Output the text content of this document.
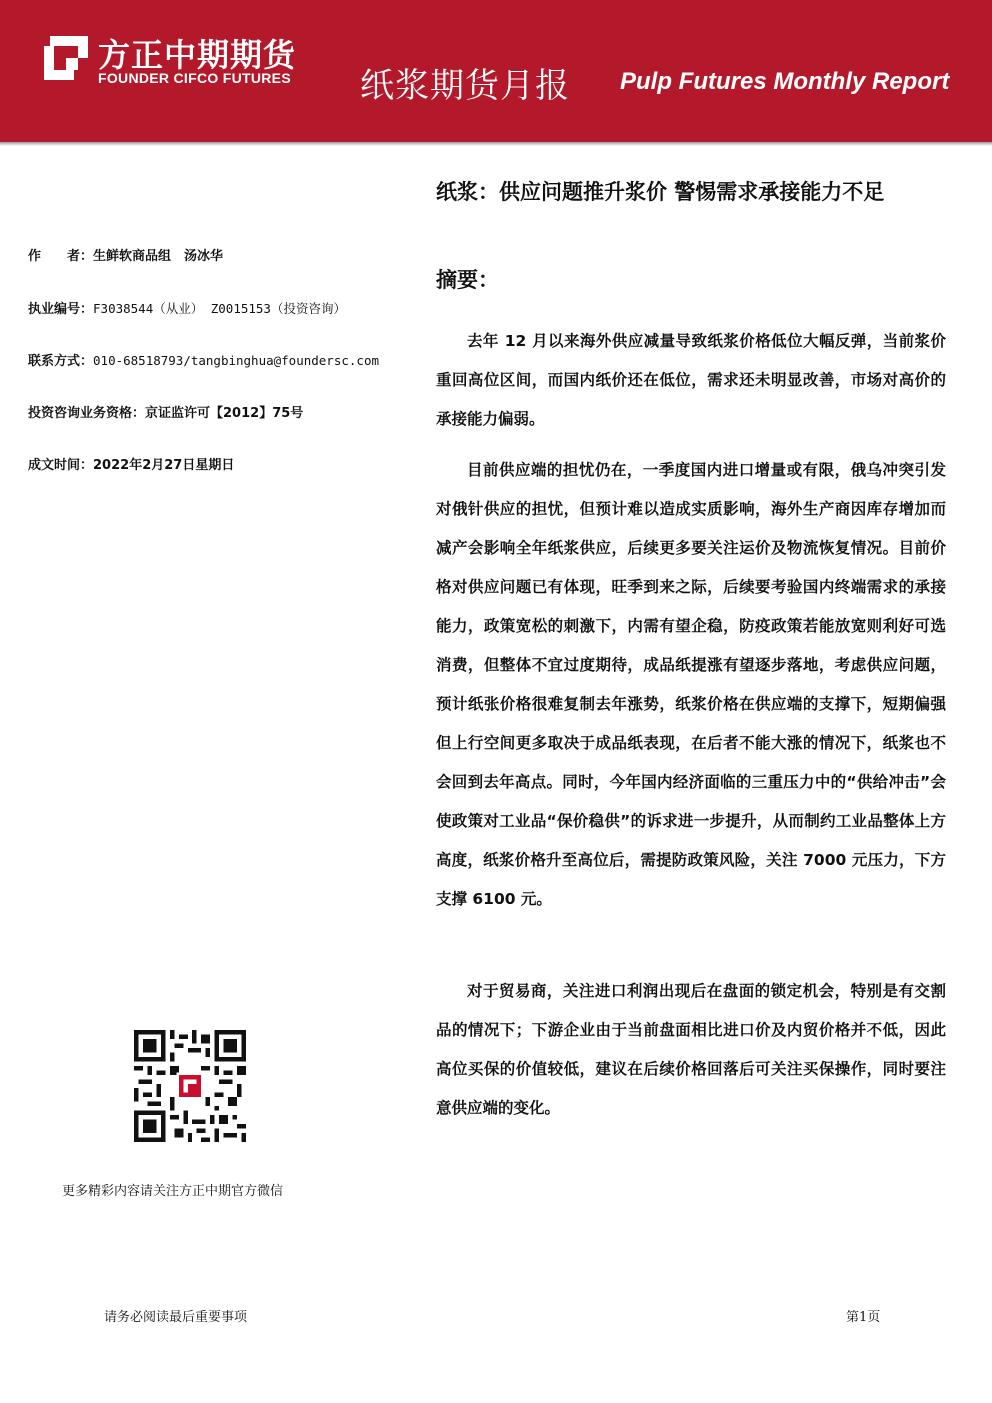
方正中期期货
FOUNDER CIFCO FUTURES 纸浆期货月报 Pulp Futures Monthly Report
纸浆：供应问题推升浆价 警惕需求承接能力不足
作　　者：生鲜软商品组　汤冰华
执业编号：F3038544（从业） Z0015153（投资咨询）
联系方式：010-68518793/tangbinghua@foundersc.com
投资咨询业务资格：京证监许可【2012】75号
成文时间：2022年2月27日星期日
摘要：

去年 12 月以来海外供应减量导致纸浆价格低位大幅反弹，当前浆价重回高位区间，而国内纸价还在低位，需求还未明显改善，市场对高价的承接能力偏弱。

目前供应端的担忧仍在，一季度国内进口增量或有限，俄乌冲突引发对俄针供应的担忧，但预计难以造成实质影响，海外生产商因库存增加而减产会影响全年纸浆供应，后续更多要关注运价及物流恢复情况。目前价格对供应问题已有体现，旺季到来之际，后续要考验国内终端需求的承接能力，政策宽松的刺激下，内需有望企稳，防疫政策若能放宽则利好可选消费，但整体不宜过度期待，成品纸提涨有望逐步落地，考虑供应问题，预计纸张价格很难复制去年涨势，纸浆价格在供应端的支撑下，短期偏强但上行空间更多取决于成品纸表现，在后者不能大涨的情况下，纸浆也不会回到去年高点。同时，今年国内经济面临的三重压力中的“供给冲击”会使政策对工业品“保价稳供”的诉求进一步提升，从而制约工业品整体上方高度，纸浆价格升至高位后，需提防政策风险，关注 7000 元压力，下方支撑 6100 元。

对于贸易商，关注进口利润出现后在盘面的锁定机会，特别是有交割品的情况下；下游企业由于当前盘面相比进口价及内贸价格并不低，因此高位买保的价值较低，建议在后续价格回落后可关注买保操作，同时要注意供应端的变化。

更多精彩内容请关注方正中期官方微信
请务必阅读最后重要事项	第1页
